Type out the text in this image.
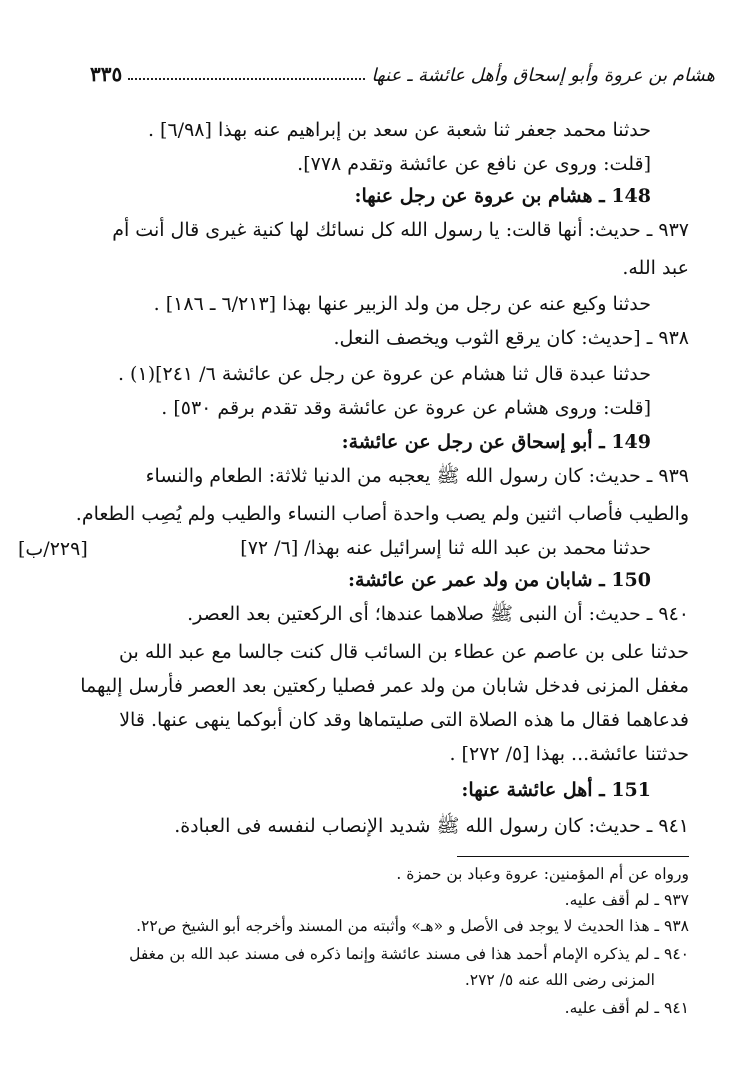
هشام بن عروة وأبو إسحاق وأهل عائشة ـ عنها
٣٣٥
حدثنا محمد جعفر ثنا شعبة عن سعد بن إبراهيم عنه بهذا [٦/٩٨] .
[قلت: وروى عن نافع عن عائشة وتقدم ٧٧٨].
148 ـ هشام بن عروة عن رجل عنها:
٩٣٧ ـ حديث: أنها قالت: يا رسول الله كل نسائك لها كنية غيرى قال أنت أم
عبد الله.
حدثنا وكيع عنه عن رجل من ولد الزبير عنها بهذا [٦/٢١٣ ـ ١٨٦] .
٩٣٨ ـ [حديث: كان يرقع الثوب ويخصف النعل.
حدثنا عبدة قال ثنا هشام عن عروة عن رجل عن عائشة ٦/ ٢٤١](١) .
[قلت: وروى هشام عن عروة عن عائشة وقد تقدم برقم ٥٣٠] .
149 ـ أبو إسحاق عن رجل عن عائشة:
٩٣٩ ـ حديث: كان رسول الله ﷺ يعجبه من الدنيا ثلاثة: الطعام والنساء
والطيب فأصاب اثنين ولم يصب واحدة أصاب النساء والطيب ولم يُصِب الطعام.
حدثنا محمد بن عبد الله ثنا إسرائيل عنه بهذا/ [٦/ ٧٢]
[٢٢٩/ب]
150 ـ شابان من ولد عمر عن عائشة:
٩٤٠ ـ حديث: أن النبى ﷺ صلاهما عندها؛ أى الركعتين بعد العصر.
حدثنا على بن عاصم عن عطاء بن السائب قال كنت جالسا مع عبد الله بن
مغفل المزنى فدخل شابان من ولد عمر فصليا ركعتين بعد العصر فأرسل إليهما
فدعاهما فقال ما هذه الصلاة التى صليتماها وقد كان أبوكما ينهى عنها. قالا
حدثتنا عائشة... بهذا [٥/ ٢٧٢] .
151 ـ أهل عائشة عنها:
٩٤١ ـ حديث: كان رسول الله ﷺ شديد الإنصاب لنفسه فى العبادة.
ورواه عن أم المؤمنين: عروة وعباد بن حمزة .
٩٣٧ ـ لم أقف عليه.
٩٣٨ ـ هذا الحديث لا يوجد فى الأصل و «هـ» وأثبته من المسند وأخرجه أبو الشيخ ص٢٢.
٩٤٠ ـ لم يذكره الإمام أحمد هذا فى مسند عائشة وإنما ذكره فى مسند عبد الله بن مغفل
المزنى رضى الله عنه ٥/ ٢٧٢.
٩٤١ ـ لم أقف عليه.
